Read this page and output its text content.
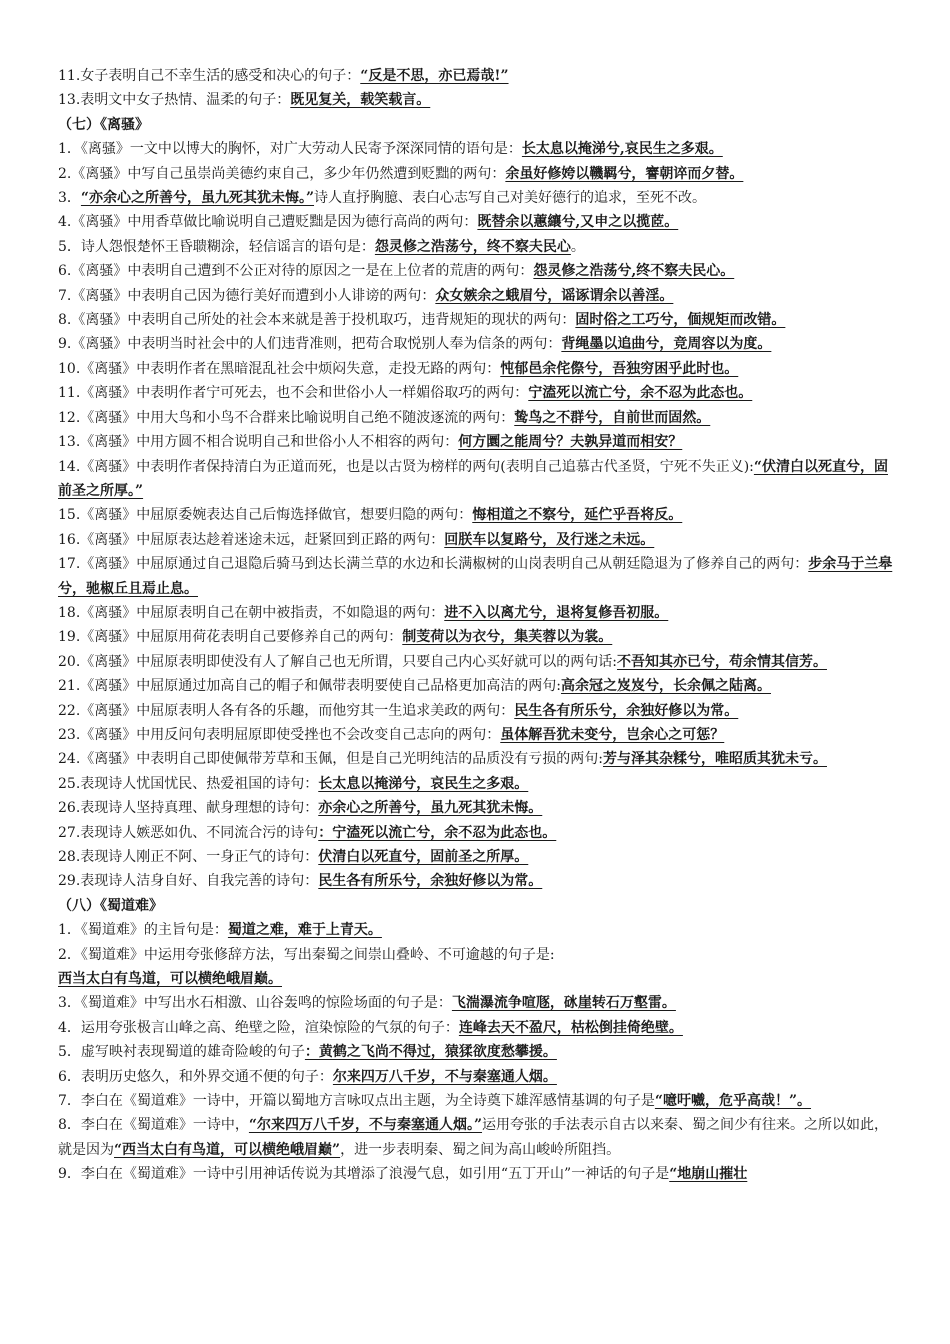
11.女子表明自己不幸生活的感受和决心的句子：“反是不思，亦已焉哉!”

13.表明文中女子热情、温柔的句子：既见复关，载笑载言。

（七）《离骚》

1．《离骚》一文中以博大的胸怀，对广大劳动人民寄予深深同情的语句是：长太息以掩涕兮,哀民生之多艰。

2.《离骚》中写自己虽崇尚美德约束自己，多少年仍然遭到贬黜的两句：余虽好修姱以鞿羁兮，謇朝谇而夕替。

3．“亦余心之所善兮，虽九死其犹未悔。”诗人直抒胸臆、表白心志写自己对美好德行的追求，至死不改。

4.《离骚》中用香草做比喻说明自己遭贬黜是因为德行高尚的两句：既替余以蕙纕兮,又申之以揽茝。

5．诗人怨恨楚怀王昏聩糊涂，轻信谣言的语句是：怨灵修之浩荡兮，终不察夫民心。

6.《离骚》中表明自己遭到不公正对待的原因之一是在上位者的荒唐的两句：怨灵修之浩荡兮,终不察夫民心。

7.《离骚》中表明自己因为德行美好而遭到小人诽谤的两句：众女嫉余之蛾眉兮，谣诼谓余以善淫。

8.《离骚》中表明自己所处的社会本来就是善于投机取巧，违背规矩的现状的两句：固时俗之工巧兮，偭规矩而改错。

9.《离骚》中表明当时社会中的人们违背准则，把苟合取悦别人奉为信条的两句：背绳墨以追曲兮，竞周容以为度。

10.《离骚》中表明作者在黑暗混乱社会中烦闷失意，走投无路的两句：忳郁邑余侘傺兮，吾独穷困乎此时也。

11.《离骚》中表明作者宁可死去，也不会和世俗小人一样媚俗取巧的两句：宁溘死以流亡兮，余不忍为此态也。

12.《离骚》中用大鸟和小鸟不合群来比喻说明自己绝不随波逐流的两句：鸷鸟之不群兮，自前世而固然。

13.《离骚》中用方圆不相合说明自己和世俗小人不相容的两句：何方圜之能周兮？夫孰异道而相安？

14.《离骚》中表明作者保持清白为正道而死，也是以古贤为榜样的两句(表明自己追慕古代圣贤，宁死不失正义):“伏清白以死直兮，固前圣之所厚。”

15.《离骚》中屈原委婉表达自己后悔选择做官，想要归隐的两句：悔相道之不察兮，延伫乎吾将反。

16.《离骚》中屈原表达趁着迷途未远，赶紧回到正路的两句：回朕车以复路兮，及行迷之未远。

17.《离骚》中屈原通过自己退隐后骑马到达长满兰草的水边和长满椒树的山岗表明自己从朝廷隐退为了修养自己的两句：步余马于兰皋兮，驰椒丘且焉止息。

18.《离骚》中屈原表明自己在朝中被指责，不如隐退的两句：进不入以离尤兮，退将复修吾初服。

19.《离骚》中屈原用荷花表明自己要修养自己的两句：制芰荷以为衣兮，集芙蓉以为裳。

20.《离骚》中屈原表明即使没有人了解自己也无所谓，只要自己内心买好就可以的两句话:不吾知其亦已兮，苟余情其信芳。

21.《离骚》中屈原通过加高自己的帽子和佩带表明要使自己品格更加高洁的两句:高余冠之岌岌兮，长余佩之陆离。

22.《离骚》中屈原表明人各有各的乐趣，而他穷其一生追求美政的两句：民生各有所乐兮，余独好修以为常。

23.《离骚》中用反问句表明屈原即使受挫也不会改变自己志向的两句：虽体解吾犹未变兮，岂余心之可惩？

24.《离骚》中表明自己即使佩带芳草和玉佩，但是自己光明纯洁的品质没有亏损的两句:芳与泽其杂糅兮，唯昭质其犹未亏。

25.表现诗人忧国忧民、热爱祖国的诗句：长太息以掩涕兮，哀民生之多艰。

26.表现诗人坚持真理、献身理想的诗句：亦余心之所善兮，虽九死其犹未悔。

27.表现诗人嫉恶如仇、不同流合污的诗句：宁溘死以流亡兮，余不忍为此态也。

28.表现诗人刚正不阿、一身正气的诗句：伏清白以死直兮，固前圣之所厚。

29.表现诗人洁身自好、自我完善的诗句：民生各有所乐兮，余独好修以为常。

（八）《蜀道难》

1．《蜀道难》的主旨句是：蜀道之难，难于上青天。

2．《蜀道难》中运用夸张修辞方法，写出秦蜀之间崇山叠岭、不可逾越的句子是:
西当太白有鸟道，可以横绝峨眉巅。

3．《蜀道难》中写出水石相激、山谷轰鸣的惊险场面的句子是：飞湍瀑流争喧豗，砯崖转石万壑雷。

4．运用夸张极言山峰之高、绝壁之险，渲染惊险的气氛的句子：连峰去天不盈尺，枯松倒挂倚绝壁。

5．虚写映衬表现蜀道的雄奇险峻的句子：黄鹤之飞尚不得过，猿猱欲度愁攀援。

6．表明历史悠久，和外界交通不便的句子：尔来四万八千岁，不与秦塞通人烟。

7．李白在《蜀道难》一诗中，开篇以蜀地方言咏叹点出主题，为全诗奠下雄浑感情基调的句子是“噫吁嚱，危乎高哉！”。

8．李白在《蜀道难》一诗中，“尔来四万八千岁，不与秦塞通人烟。”运用夸张的手法表示自古以来秦、蜀之间少有往来。之所以如此，就是因为“西当太白有鸟道，可以横绝峨眉巅”，进一步表明秦、蜀之间为高山峻岭所阻挡。

9．李白在《蜀道难》一诗中引用神话传说为其增添了浪漫气息，如引用“五丁开山”一神话的句子是“地崩山摧壮
